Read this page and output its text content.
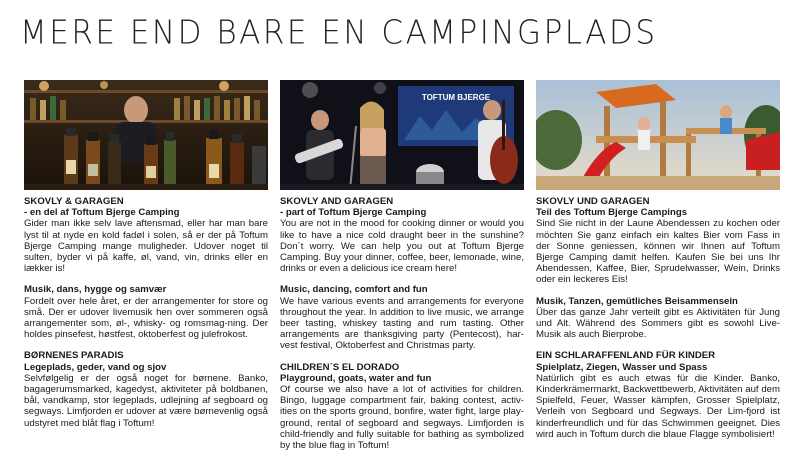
MERE END BARE EN CAMPINGPLADS
SKOVLY & GARAGEN
- en del af Toftum Bjerge Camping
Gider man ikke selv lave aftensmad, eller har man bare lyst til at nyde en kold fadøl i solen, så er der på Toftum Bjerge Camping mange muligheder. Udover noget til sulten, byder vi på kaffe, øl, vand, vin, drinks eller en lækker is!
Musik, dans, hygge og samvær
Fordelt over hele året, er der arrangementer for store og små. Der er udover livemusik hen over sommeren også arrangementer som, øl-, whisky- og romsmag-ning. Der holdes pinsefest, høstfest, oktoberfest og julefrokost.
BØRNENES PARADIS
Legeplads, geder, vand og sjov
Selvfølgelig er der også noget for børnene. Banko, bagagerumsmarked, kagedyst, aktiviteter på boldbanen, bål, vandkamp, stor legeplads, udlejning af segboard og segways. Limfjorden er udover at være børnevenlig også udstyret med blåt flag i Toftum!
TOFTUM BJERGE
SKOVLY AND GARAGEN
- part of Toftum Bjerge Camping
You are not in the mood for cooking dinner or would you like to have a nice cold draught beer in the sunshine? Don´t worry. We can help you out at Toftum Bjerge Camping. Buy your dinner, coffee, beer, lemonade, wine, drinks or even a delicious ice cream here!
Music, dancing, comfort and fun
We have various events and arrangements for everyone throughout the year. In addition to live music, we arrange beer tasting, whiskey tasting and rum tasting. Other arrangements are thanksgiving party (Pentecost), har-vest festival, Oktoberfest and Christmas party.
CHILDREN´S EL DORADO
Playground, goats, water and fun
Of course we also have a lot of activities for children. Bingo, luggage compartment fair, baking contest, activ-ities on the sports ground, bonfire, water fight, large play-ground, rental of segboard and segways. Limfjorden is child-friendly and fully suitable for bathing as symbolized by the blue flag in Toftum!
SKOVLY UND GARAGEN
Teil des Toftum Bjerge Campings
Sind Sie nicht in der Laune Abendessen zu kochen oder möchten Sie ganz einfach ein kaltes Bier vom Fass in der Sonne geniessen, können wir Ihnen auf Toftum Bjerge Camping damit helfen. Kaufen Sie bei uns Ihr Abendessen, Kaffee, Bier, Sprudelwasser, Wein, Drinks oder ein leckeres Eis!
Musik, Tanzen, gemütliches Beisammensein
Über das ganze Jahr verteilt gibt es Aktivitäten für Jung und Alt. Während des Sommers gibt es sowohl Live-Musik als auch Bierprobe.
EIN SCHLARAFFENLAND FÜR KINDER
Spielplatz, Ziegen, Wasser und Spass
Natürlich gibt es auch etwas für die Kinder. Banko, Kinderkrämermarkt, Backwettbewerb, Aktivitäten auf dem Spielfeld, Feuer, Wasser kämpfen, Grosser Spielplatz, Verleih von Segboard und Segways. Der Lim-fjord ist kinderfreundlich und für das Schwimmen geeignet. Dies wird auch in Toftum durch die blaue Flagge symbolisiert!
